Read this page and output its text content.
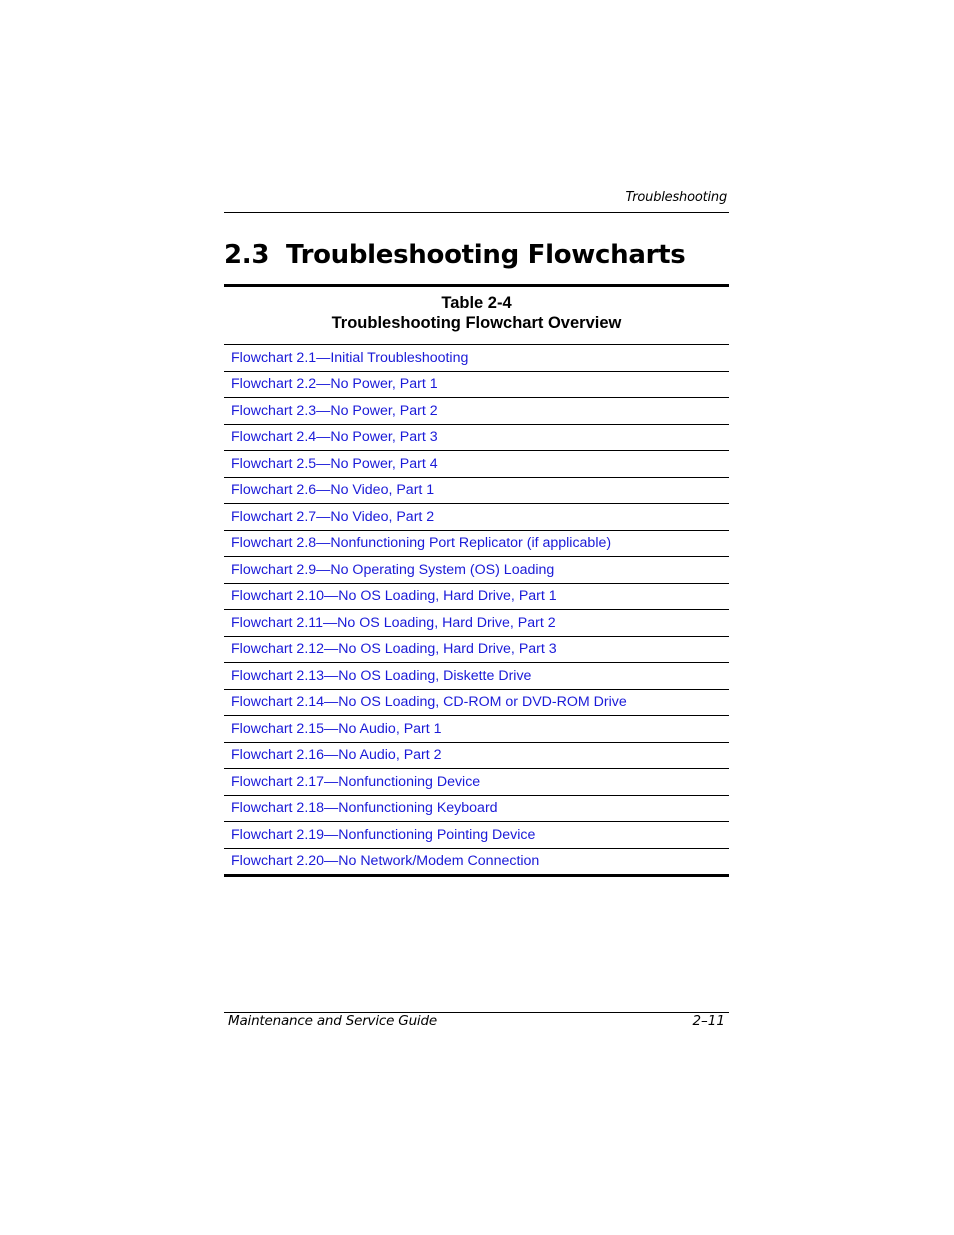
Troubleshooting
2.3 Troubleshooting Flowcharts
Table 2-4
Troubleshooting Flowchart Overview
Flowchart 2.1—Initial Troubleshooting
Flowchart 2.2—No Power, Part 1
Flowchart 2.3—No Power, Part 2
Flowchart 2.4—No Power, Part 3
Flowchart 2.5—No Power, Part 4
Flowchart 2.6—No Video, Part 1
Flowchart 2.7—No Video, Part 2
Flowchart 2.8—Nonfunctioning Port Replicator (if applicable)
Flowchart 2.9—No Operating System (OS) Loading
Flowchart 2.10—No OS Loading, Hard Drive, Part 1
Flowchart 2.11—No OS Loading, Hard Drive, Part 2
Flowchart 2.12—No OS Loading, Hard Drive, Part 3
Flowchart 2.13—No OS Loading, Diskette Drive
Flowchart 2.14—No OS Loading, CD-ROM or DVD-ROM Drive
Flowchart 2.15—No Audio, Part 1
Flowchart 2.16—No Audio, Part 2
Flowchart 2.17—Nonfunctioning Device
Flowchart 2.18—Nonfunctioning Keyboard
Flowchart 2.19—Nonfunctioning Pointing Device
Flowchart 2.20—No Network/Modem Connection
Maintenance and Service Guide	2–11
